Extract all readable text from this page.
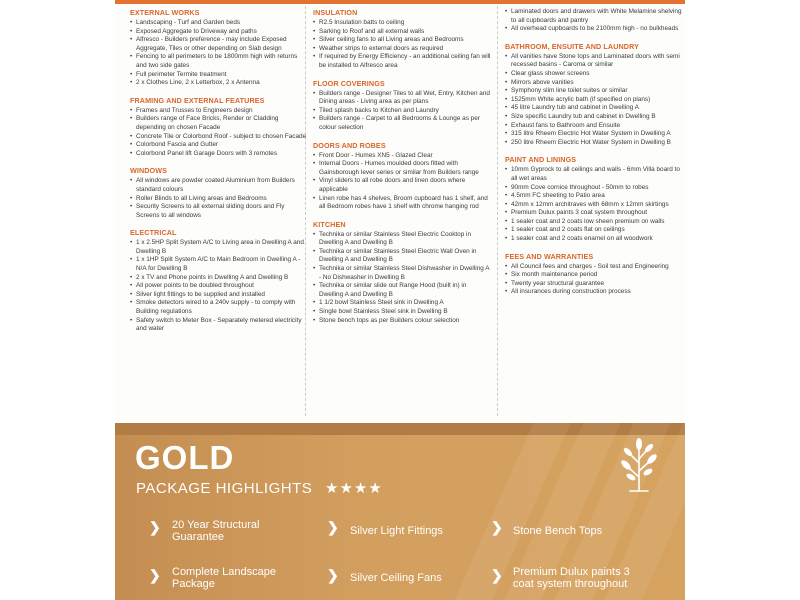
EXTERNAL WORKS
• Landscaping - Turf and Garden beds
• Exposed Aggregate to Driveway and paths
• Alfresco - Builders preference - may include Exposed Aggregate, Tiles or other depending on Slab design
• Fencing to all perimeters to be 1800mm high with returns and two side gates
• Full perimeter Termite treatment
• 2 x Clothes Line, 2 x Letterbox, 2 x Antenna
FRAMING AND EXTERNAL FEATURES
• Frames and Trusses to Engineers design
• Builders range of Face Bricks, Render or Cladding depending on chosen Facade
• Concrete Tile or Colorbond Roof - subject to chosen Facade
• Colorbond Fascia and Gutter
• Colorbond Panel lift Garage Doors with 3 remotes
WINDOWS
• All windows are powder coated Aluminium from Builders standard colours
• Roller Blinds to all Living areas and Bedrooms
• Security Screens to all external sliding doors and Fly Screens to all windows
ELECTRICAL
• 1 x 2.5HP Split System A/C to Living area in Dwelling A and Dwelling B
• 1 x 1HP Split System A/C to Main Bedroom in Dwelling A - N/A for Dwelling B
• 2 x TV and Phone points in Dwelling A and Dwelling B
• All power points to be doubled throughout
• Silver light fittings to be supplied and installed
• Smoke detectors wired to a 240v supply - to comply with Building regulations
• Safety switch to Meter Box - Separately metered electricity and water
INSULATION
• R2.5 Insulation batts to ceiling
• Sarking to Roof and all external walls
• Silver ceiling fans to all Living areas and Bedrooms
• Weather strips to external doors as required
• If required by Energy Efficiency - an additional ceiling fan will be installed to Alfresco area
FLOOR COVERINGS
• Builders range - Designer Tiles to all Wet, Entry, Kitchen and Dining areas - Living area as per plans
• Tiled splash backs to Kitchen and Laundry
• Builders range - Carpet to all Bedrooms & Lounge as per colour selection
DOORS AND ROBES
• Front Door - Humes XN5 - Glazed Clear
• Internal Doors - Humes moulded doors fitted with Gainsborough lever series or similar from Builders range
• Vinyl sliders to all robe doors and linen doors where applicable
• Linen robe has 4 shelves, Broom cupboard has 1 shelf, and all Bedroom robes have 1 shelf with chrome hanging rod
KITCHEN
• Technika or similar Stainless Steel Electric Cooktop in Dwelling A and Dwelling B
• Technika or similar Stainless Steel Electric Wall Oven in Dwelling A and Dwelling B
• Technika or similar Stainless Steel Dishwasher in Dwelling A - No Dishwasher in Dwelling B
• Technika or similar slide out Range Hood (built in) in Dwelling A and Dwelling B
• 1 1/2 bowl Stainless Steel sink in Dwelling A
• Single bowl Stainless Steel sink in Dwelling B
• Stone bench tops as per Builders colour selection
• Laminated doors and drawers with White Melamine shelving to all cupboards and pantry
• All overhead cupboards to be 2100mm high - no bulkheads
BATHROOM, ENSUITE AND LAUNDRY
• All vanities have Stone tops and Laminated doors with semi recessed basins - Caroma or similar
• Clear glass shower screens
• Mirrors above vanities
• Symphony slim line toilet suites or similar
• 1525mm White acrylic bath (if specified on plans)
• 45 litre Laundry tub and cabinet in Dwelling A
• Size specific Laundry tub and cabinet in Dwelling B
• Exhaust fans to Bathroom and Ensuite
• 315 litre Rheem Electric Hot Water System in Dwelling A
• 250 litre Rheem Electric Hot Water System in Dwelling B
PAINT AND LININGS
• 10mm Gyprock to all ceilings and walls - 6mm Villa board to all wet areas
• 90mm Cove cornice throughout - 50mm to robes
• 4.5mm FC sheeting to Patio area
• 42mm x 12mm architraves with 68mm x 12mm skirtings
• Premium Dulux paints 3 coat system throughout
• 1 sealer coat and 2 coats low sheen premium on walls
• 1 sealer coat and 2 coats flat on ceilings
• 1 sealer coat and 2 coats enamel on all woodwork
FEES AND WARRANTIES
• All Council fees and charges - Soil test and Engineering
• Six month maintenance period
• Twenty year structural guarantee
• All insurances during construction process
GOLD
PACKAGE HIGHLIGHTS ★★★★
❯ 20 Year Structural Guarantee
❯ Silver Light Fittings	❯ Stone Bench Tops
❯ Complete Landscape Package
❯ Silver Ceiling Fans	❯ Premium Dulux paints 3 coat system throughout
